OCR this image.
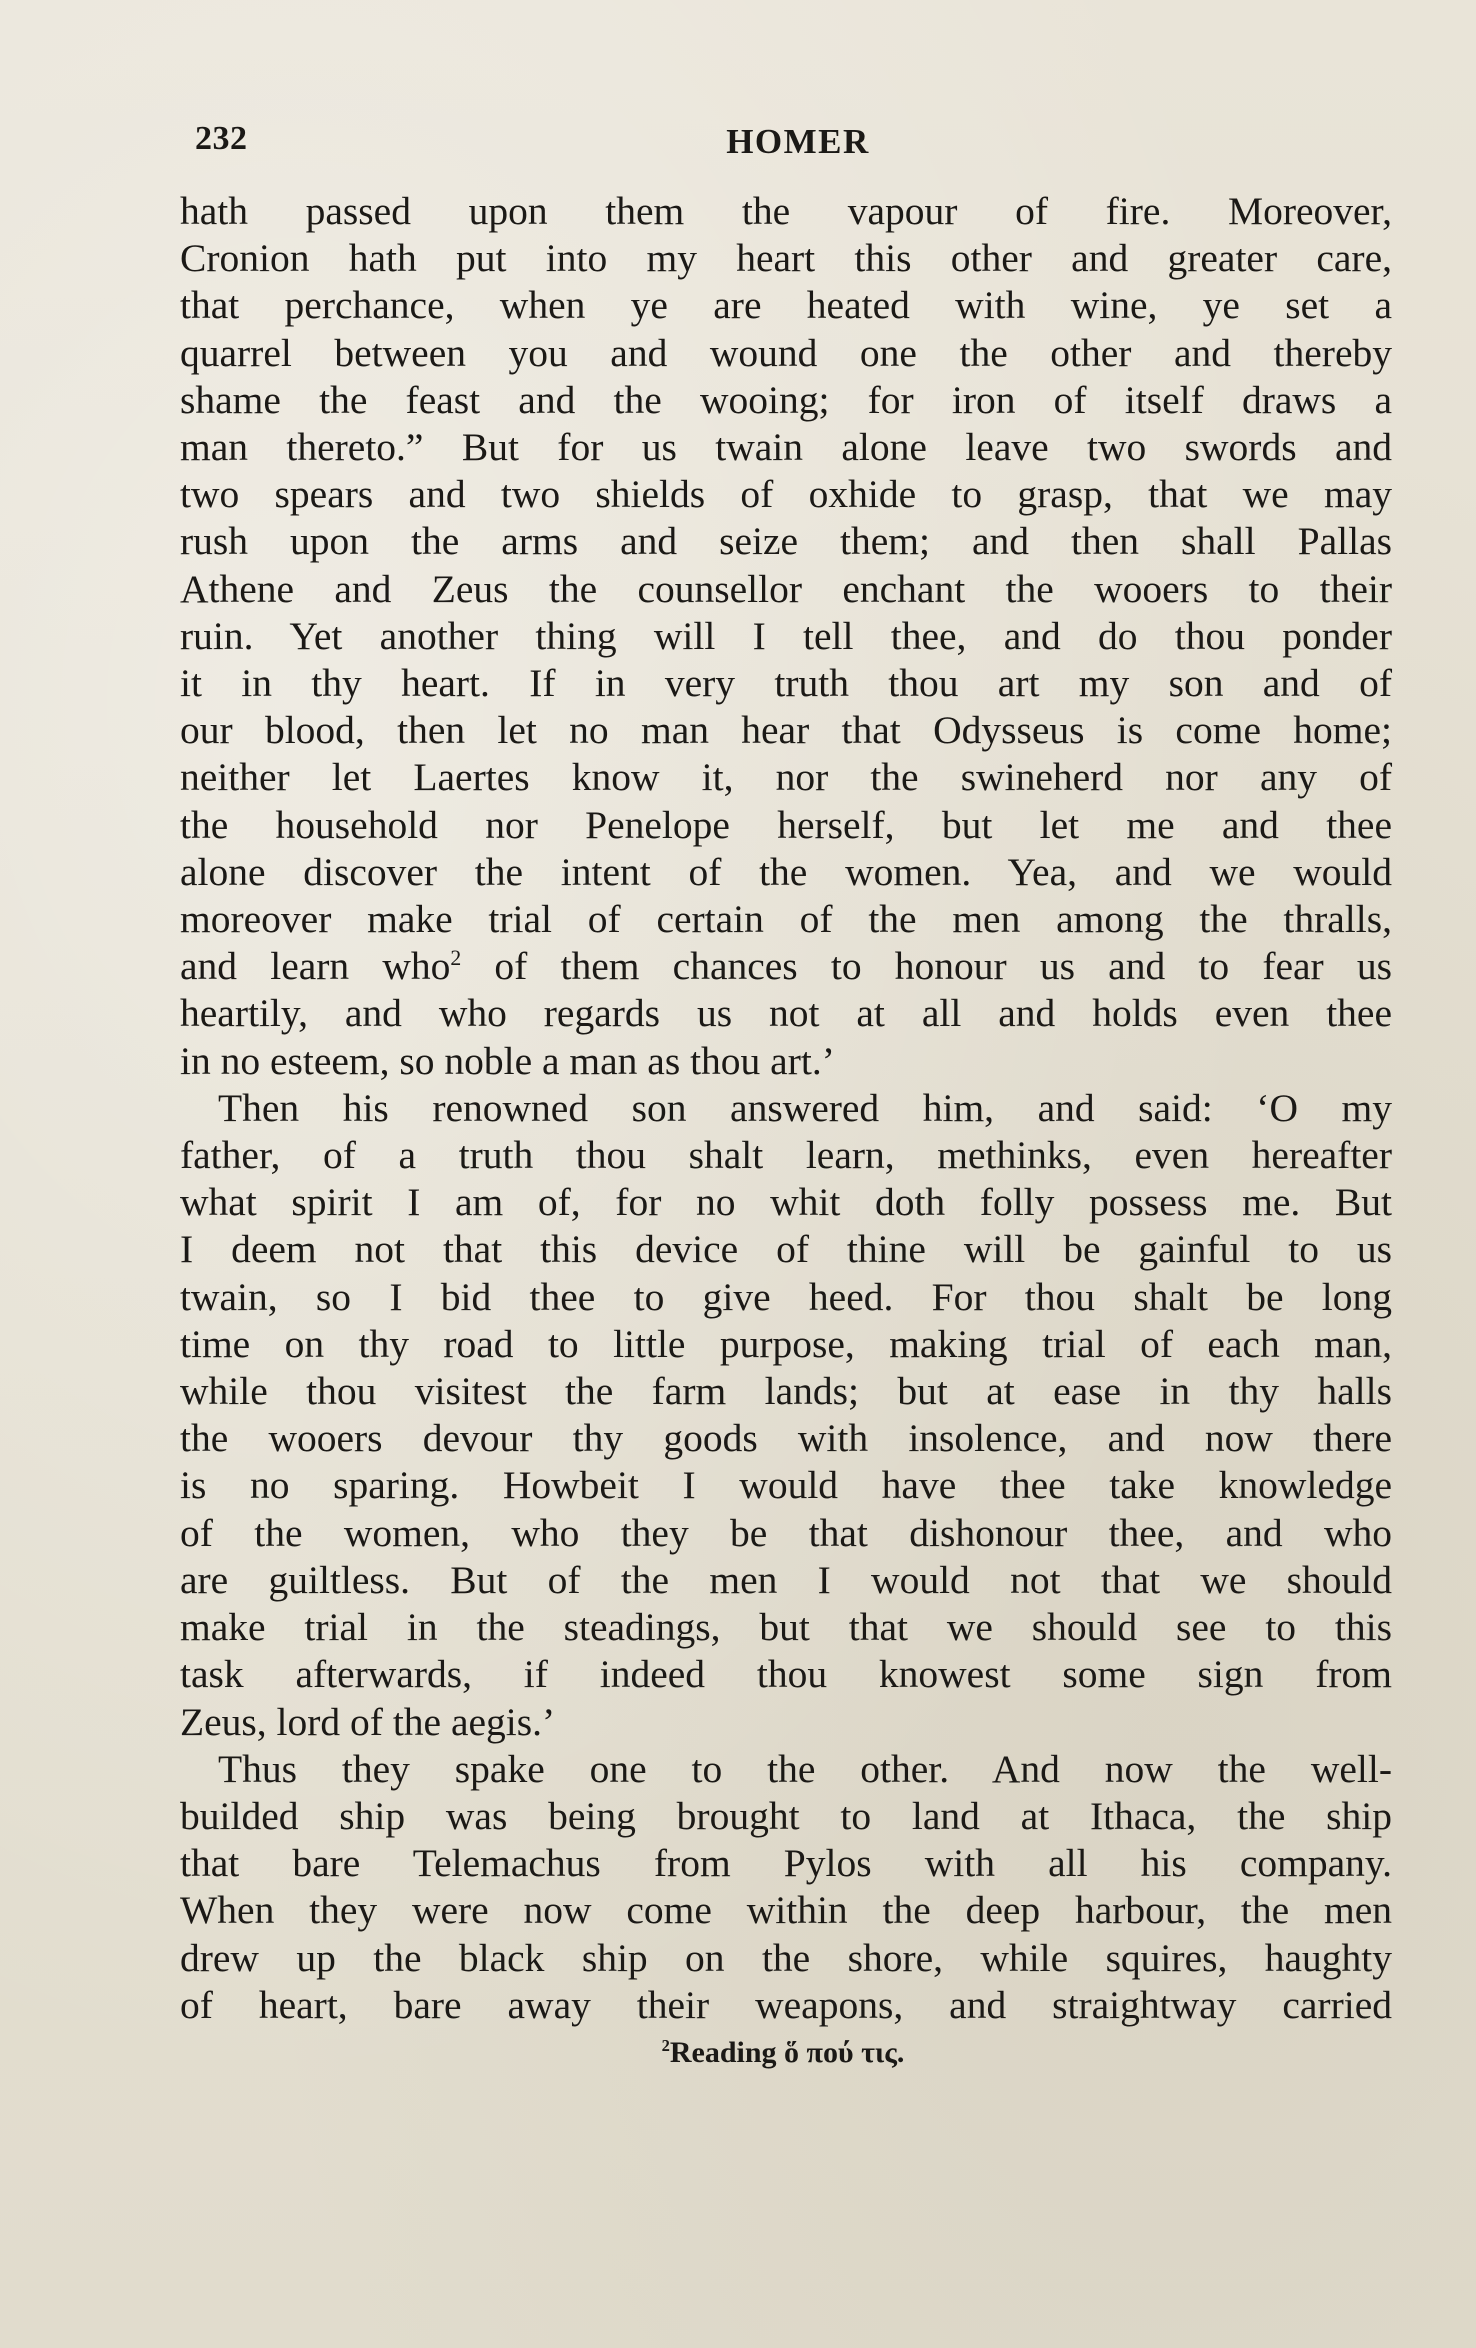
232	HOMER
hath passed upon them the vapour of fire. Moreover,
Cronion hath put into my heart this other and greater care,
that perchance, when ye are heated with wine, ye set a
quarrel between you and wound one the other and thereby
shame the feast and the wooing; for iron of itself draws a
man thereto.” But for us twain alone leave two swords and
two spears and two shields of oxhide to grasp, that we may
rush upon the arms and seize them; and then shall Pallas
Athene and Zeus the counsellor enchant the wooers to their
ruin. Yet another thing will I tell thee, and do thou ponder
it in thy heart. If in very truth thou art my son and of
our blood, then let no man hear that Odysseus is come home;
neither let Laertes know it, nor the swineherd nor any of
the household nor Penelope herself, but let me and thee
alone discover the intent of the women. Yea, and we would
moreover make trial of certain of the men among the thralls,
and learn who$^2$ of them chances to honour us and to fear us
heartily, and who regards us not at all and holds even thee
in no esteem, so noble a man as thou art.’
Then his renowned son answered him, and said: ‘O my
father, of a truth thou shalt learn, methinks, even hereafter
what spirit I am of, for no whit doth folly possess me. But
I deem not that this device of thine will be gainful to us
twain, so I bid thee to give heed. For thou shalt be long
time on thy road to little purpose, making trial of each man,
while thou visitest the farm lands; but at ease in thy halls
the wooers devour thy goods with insolence, and now there
is no sparing. Howbeit I would have thee take knowledge
of the women, who they be that dishonour thee, and who
are guiltless. But of the men I would not that we should
make trial in the steadings, but that we should see to this
task afterwards, if indeed thou knowest some sign from
Zeus, lord of the aegis.’
Thus they spake one to the other. And now the well-
builded ship was being brought to land at Ithaca, the ship
that bare Telemachus from Pylos with all his company.
When they were now come within the deep harbour, the men
drew up the black ship on the shore, while squires, haughty
of heart, bare away their weapons, and straightway carried
$^2$Reading ὅ πού τις.
